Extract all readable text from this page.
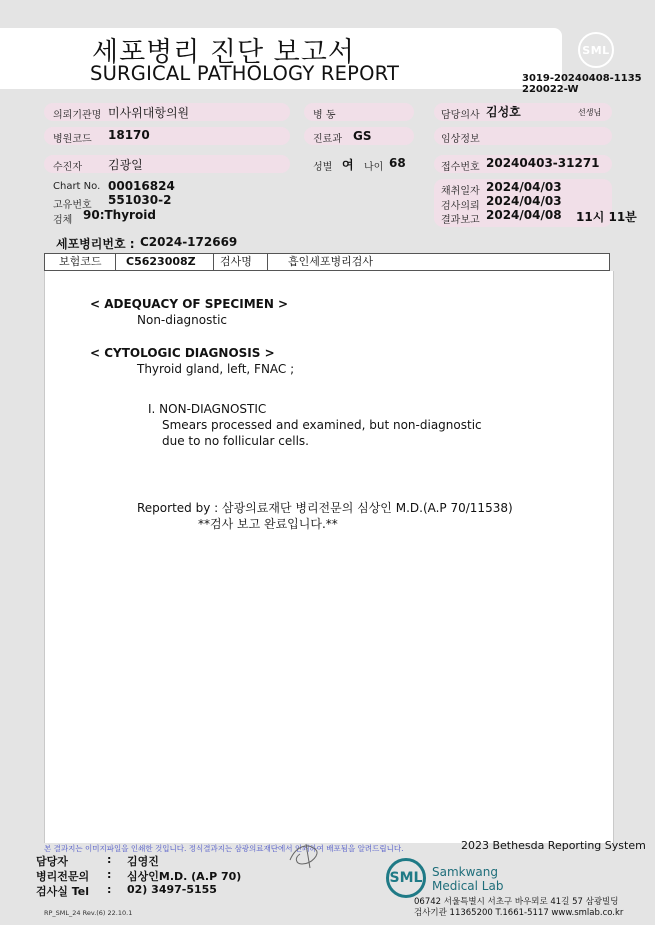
세포병리 진단 보고서
SURGICAL PATHOLOGY REPORT
SML
3019-20240408-1135
220022-W
의뢰기관명 미사위대항의원	병 동	담당의사 김성호	선생님
병원코드 18170	진료과 GS	임상정보
수진자 김광일	성별 여 나이 68	접수번호 20240403-31271
Chart No. 00016824
고유번호 551030-2
검체 90:Thyroid
채취일자 2024/04/03
검사의뢰 2024/04/03
결과보고 2024/04/08 11시 11분
세포병리번호 : C2024-172669
보험코드	C5623008Z	검사명	흡인세포병리검사
< ADEQUACY OF SPECIMEN >
Non-diagnostic
< CYTOLOGIC DIAGNOSIS >
Thyroid gland, left, FNAC ;
I. NON-DIAGNOSTIC
Smears processed and examined, but non-diagnostic
due to no follicular cells.
Reported by : 삼광의료재단 병리전문의 심상인 M.D.(A.P 70/11538)
**검사 보고 완료입니다.**
본 결과지는 이미지파일을 인쇄한 것입니다. 정식결과지는 삼광의료재단에서 인쇄하여 배포됨을 알려드립니다.	2023 Bethesda Reporting System
담당자	: 김영진
병리전문의 : 심상인M.D. (A.P 70)
검사실 Tel : 02) 3497-5155
SML Samkwang
Medical Lab
06742 서울특별시 서초구 바우뫼로 41길 57 삼광빌딩
검사기관 11365200 T.1661-5117 www.smlab.co.kr
RP_SML_24 Rev.(6) 22.10.1
